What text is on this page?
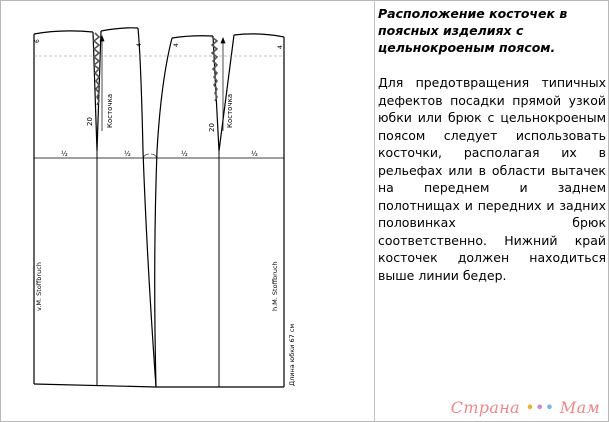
Косточка
20	Косточка
20
v.M. Stoffbruch	h.M. Stoffbruch
Длина юбки 67 см
½	½	½	½
6
4	4
4

Расположение косточек в поясных изделиях с цельнокроеным поясом.

Для предотвращения типичных дефектов посадки прямой узкой юбки или брюк с цельнокроеным поясом следует использовать косточки, располагая их в рельефах или в области вытачек на переднем и заднем полотнищах и передних и задних половинках брюк соответственно. Нижний край косточек должен находиться выше линии бедер.

Страна ••• Мам
